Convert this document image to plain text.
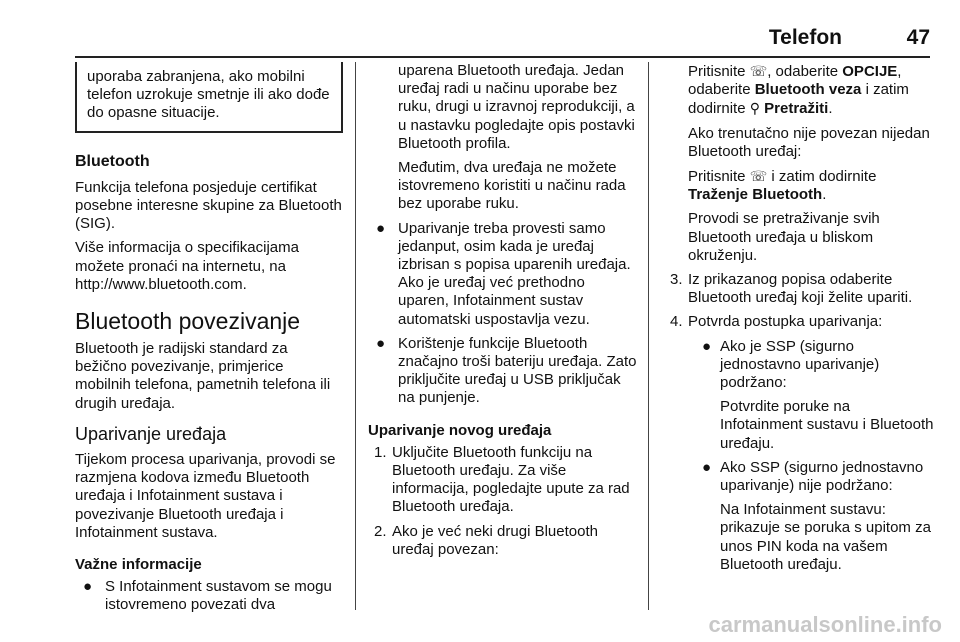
Telefon	47
uporaba zabranjena, ako mobilni telefon uzrokuje smetnje ili ako dođe do opasne situacije.
Bluetooth

Funkcija telefona posjeduje certifikat posebne interesne skupine za Bluetooth (SIG).

Više informacija o specifikacijama možete pronaći na internetu, na http://www.bluetooth.com.

Bluetooth povezivanje

Bluetooth je radijski standard za bežično povezivanje, primjerice mobilnih telefona, pametnih telefona ili drugih uređaja.

Uparivanje uređaja

Tijekom procesa uparivanja, provodi se razmjena kodova između Bluetooth uređaja i Infotainment sustava i povezivanje Bluetooth uređaja i Infotainment sustava.

Važne informacije
● S Infotainment sustavom se mogu istovremeno povezati dva

uparena Bluetooth uređaja. Jedan uređaj radi u načinu uporabe bez ruku, drugi u izravnoj reprodukciji, a u nastavku pogledajte opis postavki Bluetooth profila.

Međutim, dva uređaja ne možete istovremeno koristiti u načinu rada bez uporabe ruku.

● Uparivanje treba provesti samo jedanput, osim kada je uređaj izbrisan s popisa uparenih uređaja. Ako je uređaj već prethodno uparen, Infotainment sustav automatski uspostavlja vezu.
● Korištenje funkcije Bluetooth značajno troši bateriju uređaja. Zato priključite uređaj u USB priključak na punjenje.
Uparivanje novog uređaja
1. Uključite Bluetooth funkciju na Bluetooth uređaju. Za više informacija, pogledajte upute za rad Bluetooth uređaja.
2. Ako je već neki drugi Bluetooth uređaj povezan:

Pritisnite ☏, odaberite OPCIJE, odaberite Bluetooth veza i zatim dodirnite ⚲ Pretražiti.

Ako trenutačno nije povezan nijedan Bluetooth uređaj:

Pritisnite ☏ i zatim dodirnite
Traženje Bluetooth.

Provodi se pretraživanje svih Bluetooth uređaja u bliskom okruženju.

3. Iz prikazanog popisa odaberite Bluetooth uređaj koji želite upariti.
4. Potvrda postupka uparivanja:
● Ako je SSP (sigurno jednostavno uparivanje) podržano:
Potvrdite poruke na Infotainment sustavu i Bluetooth uređaju.
● Ako SSP (sigurno jednostavno uparivanje) nije podržano:
Na Infotainment sustavu: prikazuje se poruka s upitom za unos PIN koda na vašem Bluetooth uređaju.
carmanualsonline.info
